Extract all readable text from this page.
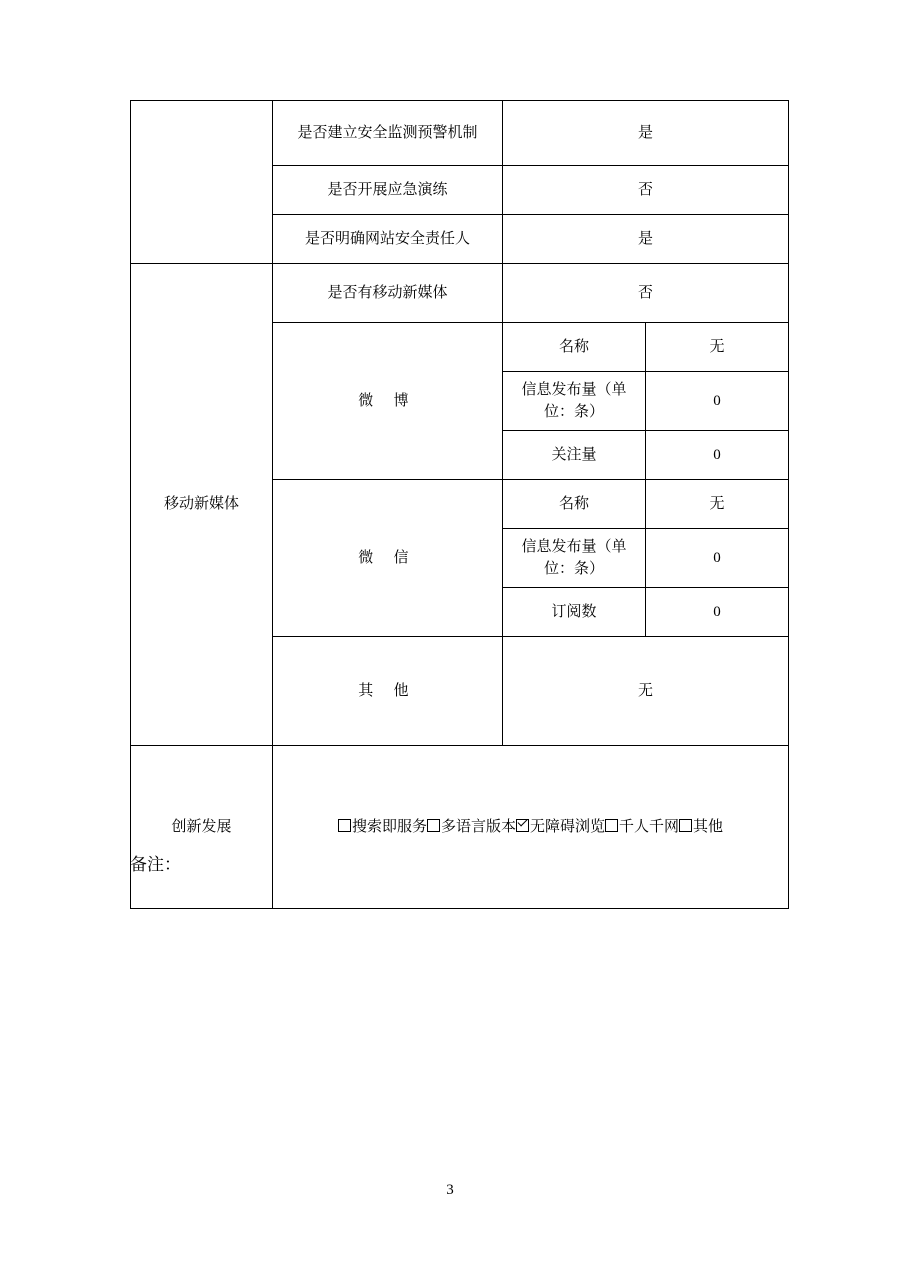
	是否建立安全监测预警机制	是	
	是否开展应急演练	否	
	是否明确网站安全责任人	是	
移动新媒体	是否有移动新媒体	否	
	微 博	名称	无
		信息发布量（单位：条）	0
		关注量	0
	微 信	名称	无
		信息发布量（单位：条）	0
		订阅数	0
	其 他	无	
创新发展	搜索即服务 多语言版本 无障碍浏览 千人千网 其他		
备注：
3
